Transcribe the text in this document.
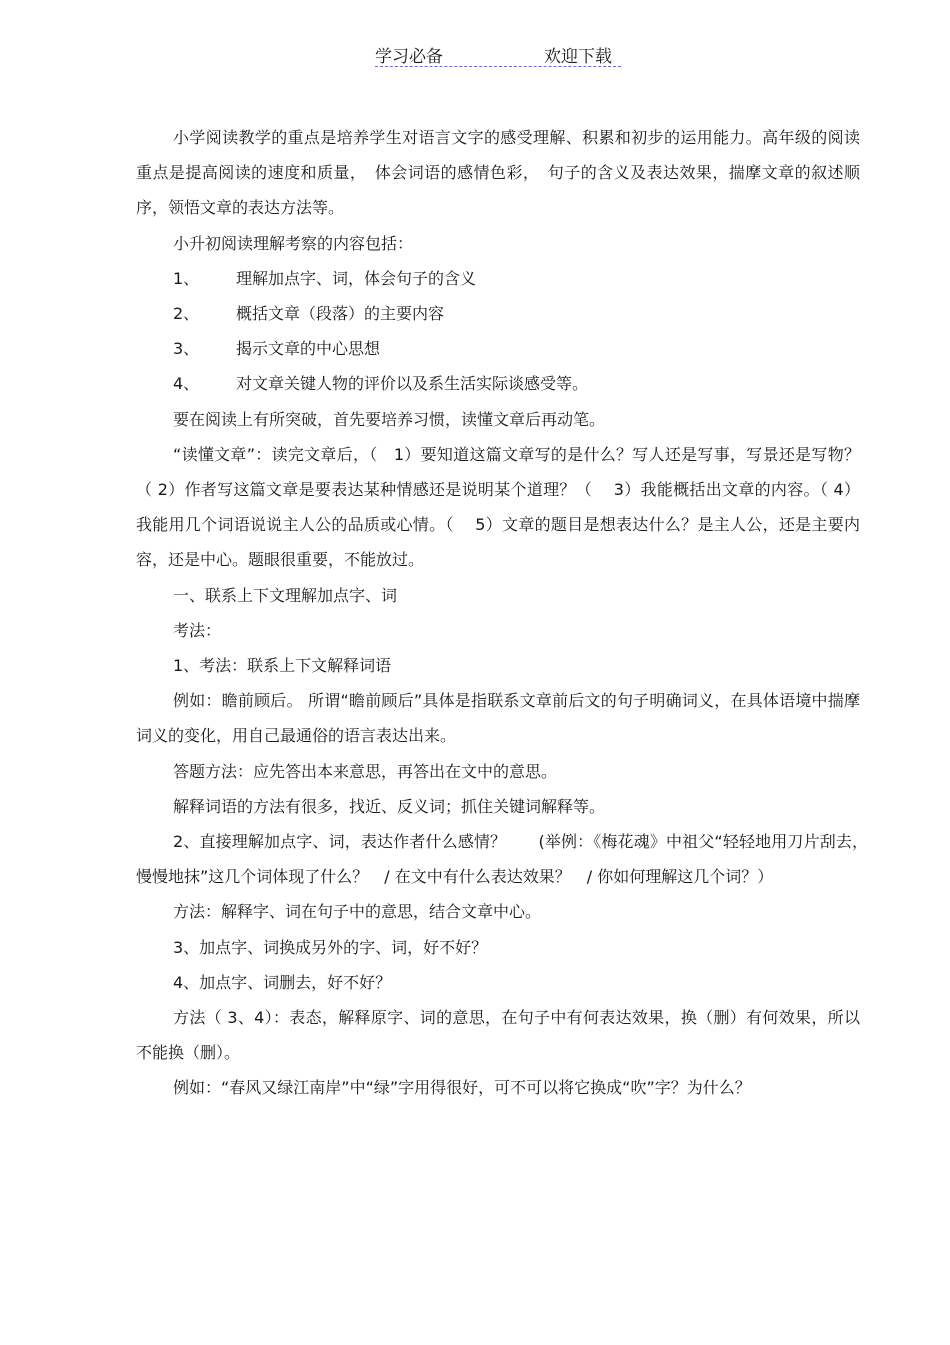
学习必备	欢迎下载

小学阅读教学的重点是培养学生对语言文字的感受理解、积累和初步的运用能力。高年级的阅读重点是提高阅读的速度和质量，　体会词语的感情色彩，　句子的含义及表达效果，揣摩文章的叙述顺序，领悟文章的表达方法等。

小升初阅读理解考察的内容包括：

1、 理解加点字、词，体会句子的含义

2、 概括文章（段落）的主要内容

3、 揭示文章的中心思想

4、 对文章关键人物的评价以及系生活实际谈感受等。

要在阅读上有所突破，首先要培养习惯，读懂文章后再动笔。

“读懂文章”：读完文章后，（　1）要知道这篇文章写的是什么？写人还是写事，写景还是写物？（ 2）作者写这篇文章是要表达某种情感还是说明某个道理？（　 3）我能概括出文章的内容。（ 4）我能用几个词语说说主人公的品质或心情。（　 5）文章的题目是想表达什么？是主人公，还是主要内容，还是中心。题眼很重要，不能放过。

一、联系上下文理解加点字、词

考法：

1、考法：联系上下文解释词语

例如：瞻前顾后。 所谓“瞻前顾后”具体是指联系文章前后文的句子明确词义，在具体语境中揣摩词义的变化，用自己最通俗的语言表达出来。

答题方法：应先答出本来意思，再答出在文中的意思。

解释词语的方法有很多，找近、反义词；抓住关键词解释等。

2、直接理解加点字、词，表达作者什么感情？　　(举例：《梅花魂》中祖父“轻轻地用刀片刮去，　慢慢地抹”这几个词体现了什么？　/ 在文中有什么表达效果？　/ 你如何理解这几个词？）

方法：解释字、词在句子中的意思，结合文章中心。

3、加点字、词换成另外的字、词，好不好？

4、加点字、词删去，好不好？

方法（ 3、4）：表态，解释原字、词的意思，在句子中有何表达效果，换（删）有何效果，所以不能换（删）。

例如：“春风又绿江南岸”中“绿”字用得很好，可不可以将它换成“吹”字？为什么？
